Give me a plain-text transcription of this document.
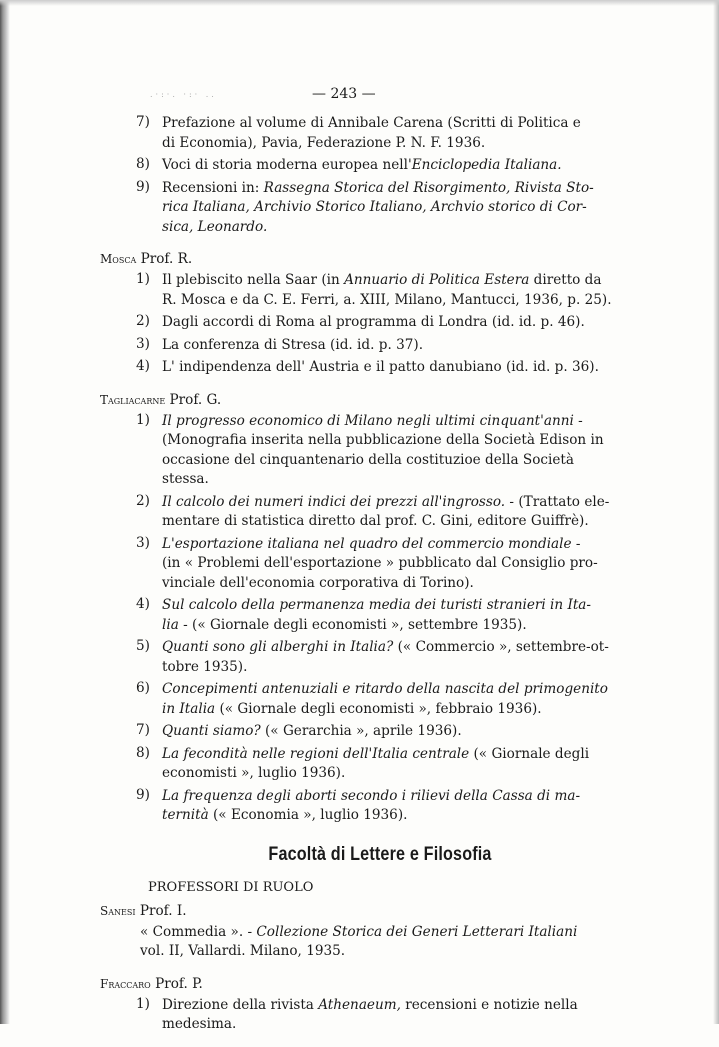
.·:·. ·:· ..	— 243 —
7) Prefazione al volume di Annibale Carena (Scritti di Politica e
di Economia), Pavia, Federazione P. N. F. 1936.
8) Voci di storia moderna europea nell'Enciclopedia Italiana.
9) Recensioni in: Rassegna Storica del Risorgimento, Rivista Sto-
rica Italiana, Archivio Storico Italiano, Archvio storico di Cor-
sica, Leonardo.
Mosca Prof. R.
1) Il plebiscito nella Saar (in Annuario di Politica Estera diretto da
R. Mosca e da C. E. Ferri, a. XIII, Milano, Mantucci, 1936, p. 25).
2) Dagli accordi di Roma al programma di Londra (id. id. p. 46).
3) La conferenza di Stresa (id. id. p. 37).
4) L' indipendenza dell' Austria e il patto danubiano (id. id. p. 36).
Tagliacarne Prof. G.
1) Il progresso economico di Milano negli ultimi cinquant'anni -
(Monografia inserita nella pubblicazione della Società Edison in
occasione del cinquantenario della costituzioe della Società
stessa.
2) Il calcolo dei numeri indici dei prezzi all'ingrosso. - (Trattato ele-
mentare di statistica diretto dal prof. C. Gini, editore Guiffrè).
3) L'esportazione italiana nel quadro del commercio mondiale -
(in « Problemi dell'esportazione » pubblicato dal Consiglio pro-
vinciale dell'economia corporativa di Torino).
4) Sul calcolo della permanenza media dei turisti stranieri in Ita-
lia - (« Giornale degli economisti », settembre 1935).
5) Quanti sono gli alberghi in Italia? (« Commercio », settembre-ot-
tobre 1935).
6) Concepimenti antenuziali e ritardo della nascita del primogenito
in Italia (« Giornale degli economisti », febbraio 1936).
7) Quanti siamo? (« Gerarchia », aprile 1936).
8) La fecondità nelle regioni dell'Italia centrale (« Giornale degli
economisti », luglio 1936).
9) La frequenza degli aborti secondo i rilievi della Cassa di ma-
ternità (« Economia », luglio 1936).
Facoltà di Lettere e Filosofia
PROFESSORI DI RUOLO
Sanesi Prof. I.
« Commedia ». - Collezione Storica dei Generi Letterari Italiani
vol. II, Vallardi. Milano, 1935.
Fraccaro Prof. P.
1) Direzione della rivista Athenaeum, recensioni e notizie nella
medesima.
